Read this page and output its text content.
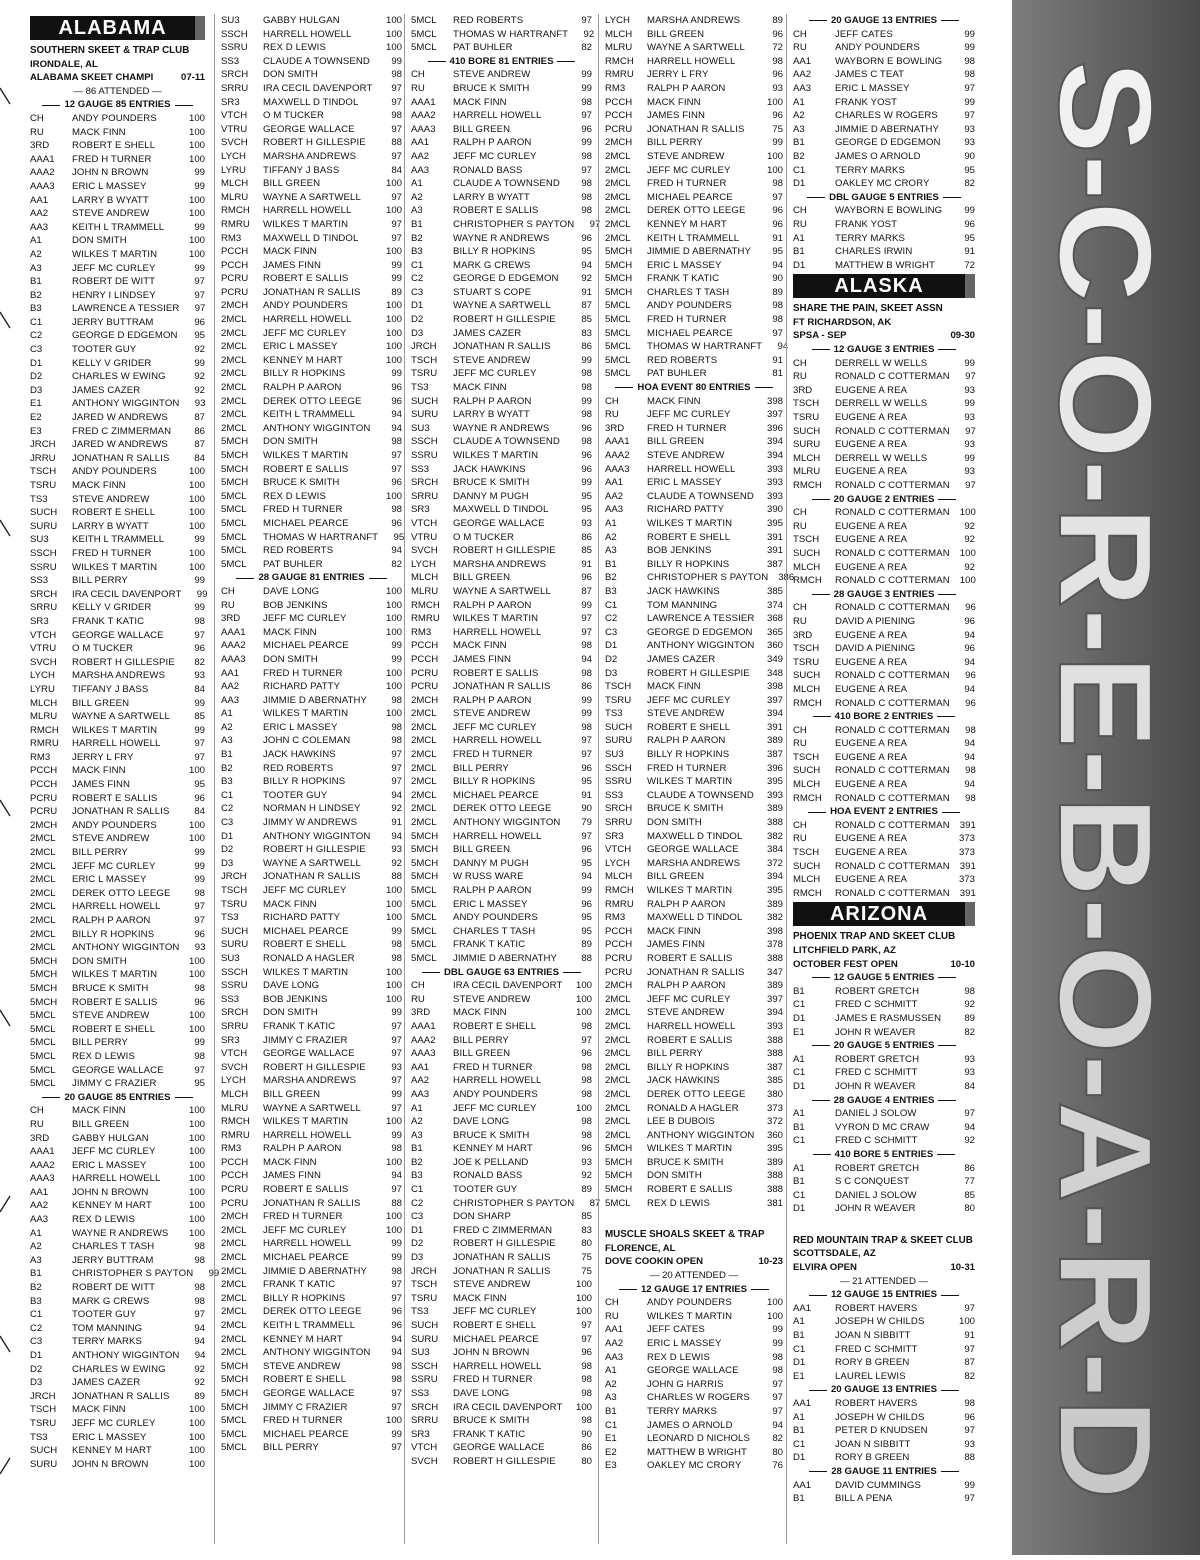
ALABAMA
SOUTHERN SKEET & TRAP CLUB
IRONDALE, AL
ALABAMA SKEET CHAMPI	07-11
— 86 ATTENDED —
12 GAUGE 85 ENTRIES
CH	ANDY POUNDERS	100
RU	MACK FINN	100
3RD	ROBERT E SHELL	100
AAA1	FRED H TURNER	100
AAA2	JOHN N BROWN	99
AAA3	ERIC L MASSEY	99
AA1	LARRY B WYATT	100
AA2	STEVE ANDREW	100
AA3	KEITH L TRAMMELL	99
A1	DON SMITH	100
A2	WILKES T MARTIN	100
A3	JEFF MC CURLEY	99
B1	ROBERT DE WITT	97
B2	HENRY I LINDSEY	97
B3	LAWRENCE A TESSIER	97
C1	JERRY BUTTRAM	96
C2	GEORGE D EDGEMON	95
C3	TOOTER GUY	92
D1	KELLY V GRIDER	99
D2	CHARLES W EWING	92
D3	JAMES CAZER	92
E1	ANTHONY WIGGINTON	93
E2	JARED W ANDREWS	87
E3	FRED C ZIMMERMAN	86
JRCH	JARED W ANDREWS	87
JRRU	JONATHAN R SALLIS	84
TSCH	ANDY POUNDERS	100
TSRU	MACK FINN	100
TS3	STEVE ANDREW	100
SUCH	ROBERT E SHELL	100
SURU	LARRY B WYATT	100
SU3	KEITH L TRAMMELL	99
SSCH	FRED H TURNER	100
SSRU	WILKES T MARTIN	100
SS3	BILL PERRY	99
SRCH	IRA CECIL DAVENPORT	99
SRRU	KELLY V GRIDER	99
SR3	FRANK T KATIC	98
VTCH	GEORGE WALLACE	97
VTRU	O M TUCKER	96
SVCH	ROBERT H GILLESPIE	82
LYCH	MARSHA ANDREWS	93
LYRU	TIFFANY J BASS	84
MLCH	BILL GREEN	99
MLRU	WAYNE A SARTWELL	85
RMCH	WILKES T MARTIN	99
RMRU	HARRELL HOWELL	97
RM3	JERRY L FRY	97
PCCH	MACK FINN	100
PCCH	JAMES FINN	95
PCRU	ROBERT E SALLIS	96
PCRU	JONATHAN R SALLIS	84
2MCH	ANDY POUNDERS	100
2MCL	STEVE ANDREW	100
2MCL	BILL PERRY	99
2MCL	JEFF MC CURLEY	99
2MCL	ERIC L MASSEY	99
2MCL	DEREK OTTO LEEGE	98
2MCL	HARRELL HOWELL	97
2MCL	RALPH P AARON	97
2MCL	BILLY R HOPKINS	96
2MCL	ANTHONY WIGGINTON	93
5MCH	DON SMITH	100
5MCH	WILKES T MARTIN	100
5MCH	BRUCE K SMITH	98
5MCH	ROBERT E SALLIS	96
5MCL	STEVE ANDREW	100
5MCL	ROBERT E SHELL	100
5MCL	BILL PERRY	99
5MCL	REX D LEWIS	98
5MCL	GEORGE WALLACE	97
5MCL	JIMMY C FRAZIER	95
20 GAUGE 85 ENTRIES
CH	MACK FINN	100
RU	BILL GREEN	100
3RD	GABBY HULGAN	100
AAA1	JEFF MC CURLEY	100
AAA2	ERIC L MASSEY	100
AAA3	HARRELL HOWELL	100
AA1	JOHN N BROWN	100
AA2	KENNEY M HART	100
AA3	REX D LEWIS	100
A1	WAYNE R ANDREWS	100
A2	CHARLES T TASH	98
A3	JERRY BUTTRAM	98
B1	CHRISTOPHER S PAYTON	99
B2	ROBERT DE WITT	98
B3	MARK G CREWS	98
C1	TOOTER GUY	97
C2	TOM MANNING	94
C3	TERRY MARKS	94
D1	ANTHONY WIGGINTON	94
D2	CHARLES W EWING	92
D3	JAMES CAZER	92
JRCH	JONATHAN R SALLIS	89
TSCH	MACK FINN	100
TSRU	JEFF MC CURLEY	100
TS3	ERIC L MASSEY	100
SUCH	KENNEY M HART	100
SURU	JOHN N BROWN	100
SU3	GABBY HULGAN	100
SSCH	HARRELL HOWELL	100
SSRU	REX D LEWIS	100
SS3	CLAUDE A TOWNSEND	99
SRCH	DON SMITH	98
SRRU	IRA CECIL DAVENPORT	97
SR3	MAXWELL D TINDOL	97
VTCH	O M TUCKER	98
VTRU	GEORGE WALLACE	97
SVCH	ROBERT H GILLESPIE	88
LYCH	MARSHA ANDREWS	97
LYRU	TIFFANY J BASS	84
MLCH	BILL GREEN	100
MLRU	WAYNE A SARTWELL	97
RMCH	HARRELL HOWELL	100
RMRU	WILKES T MARTIN	97
RM3	MAXWELL D TINDOL	97
PCCH	MACK FINN	100
PCCH	JAMES FINN	99
PCRU	ROBERT E SALLIS	99
PCRU	JONATHAN R SALLIS	89
2MCH	ANDY POUNDERS	100
2MCL	HARRELL HOWELL	100
2MCL	JEFF MC CURLEY	100
2MCL	ERIC L MASSEY	100
2MCL	KENNEY M HART	100
2MCL	BILLY R HOPKINS	99
2MCL	RALPH P AARON	96
2MCL	DEREK OTTO LEEGE	96
2MCL	KEITH L TRAMMELL	94
2MCL	ANTHONY WIGGINTON	94
5MCH	DON SMITH	98
5MCH	WILKES T MARTIN	97
5MCH	ROBERT E SALLIS	97
5MCH	BRUCE K SMITH	96
5MCL	REX D LEWIS	100
5MCL	FRED H TURNER	98
5MCL	MICHAEL PEARCE	96
5MCL	THOMAS W HARTRANFT	95
5MCL	RED ROBERTS	94
5MCL	PAT BUHLER	82
28 GAUGE 81 ENTRIES
CH	DAVE LONG	100
RU	BOB JENKINS	100
3RD	JEFF MC CURLEY	100
AAA1	MACK FINN	100
AAA2	MICHAEL PEARCE	99
AAA3	DON SMITH	99
AA1	FRED H TURNER	100
AA2	RICHARD PATTY	100
AA3	JIMMIE D ABERNATHY	98
A1	WILKES T MARTIN	100
A2	ERIC L MASSEY	98
A3	JOHN C COLEMAN	98
B1	JACK HAWKINS	97
B2	RED ROBERTS	97
B3	BILLY R HOPKINS	97
C1	TOOTER GUY	94
C2	NORMAN H LINDSEY	92
C3	JIMMY W ANDREWS	91
D1	ANTHONY WIGGINTON	94
D2	ROBERT H GILLESPIE	93
D3	WAYNE A SARTWELL	92
JRCH	JONATHAN R SALLIS	88
TSCH	JEFF MC CURLEY	100
TSRU	MACK FINN	100
TS3	RICHARD PATTY	100
SUCH	MICHAEL PEARCE	99
SURU	ROBERT E SHELL	98
SU3	RONALD A HAGLER	98
SSCH	WILKES T MARTIN	100
SSRU	DAVE LONG	100
SS3	BOB JENKINS	100
SRCH	DON SMITH	99
SRRU	FRANK T KATIC	97
SR3	JIMMY C FRAZIER	97
VTCH	GEORGE WALLACE	97
SVCH	ROBERT H GILLESPIE	93
LYCH	MARSHA ANDREWS	97
MLCH	BILL GREEN	99
MLRU	WAYNE A SARTWELL	97
RMCH	WILKES T MARTIN	100
RMRU	HARRELL HOWELL	99
RM3	RALPH P AARON	98
PCCH	MACK FINN	100
PCCH	JAMES FINN	94
PCRU	ROBERT E SALLIS	97
PCRU	JONATHAN R SALLIS	88
2MCH	FRED H TURNER	100
2MCL	JEFF MC CURLEY	100
2MCL	HARRELL HOWELL	99
2MCL	MICHAEL PEARCE	99
2MCL	JIMMIE D ABERNATHY	98
2MCL	FRANK T KATIC	97
2MCL	BILLY R HOPKINS	97
2MCL	DEREK OTTO LEEGE	96
2MCL	KEITH L TRAMMELL	96
2MCL	KENNEY M HART	94
2MCL	ANTHONY WIGGINTON	94
5MCH	STEVE ANDREW	98
5MCH	ROBERT E SHELL	98
5MCH	GEORGE WALLACE	97
5MCH	JIMMY C FRAZIER	97
5MCL	FRED H TURNER	100
5MCL	MICHAEL PEARCE	99
5MCL	BILL PERRY	97
5MCL	RED ROBERTS	97
5MCL	THOMAS W HARTRANFT	92
5MCL	PAT BUHLER	82
410 BORE 81 ENTRIES
CH	STEVE ANDREW	99
RU	BRUCE K SMITH	99
AAA1	MACK FINN	98
AAA2	HARRELL HOWELL	97
AAA3	BILL GREEN	96
AA1	RALPH P AARON	99
AA2	JEFF MC CURLEY	98
AA3	RONALD BASS	97
A1	CLAUDE A TOWNSEND	98
A2	LARRY B WYATT	98
A3	ROBERT E SALLIS	98
B1	CHRISTOPHER S PAYTON	97
B2	WAYNE R ANDREWS	96
B3	BILLY R HOPKINS	95
C1	MARK G CREWS	94
C2	GEORGE D EDGEMON	92
C3	STUART S COPE	91
D1	WAYNE A SARTWELL	87
D2	ROBERT H GILLESPIE	85
D3	JAMES CAZER	83
JRCH	JONATHAN R SALLIS	86
TSCH	STEVE ANDREW	99
TSRU	JEFF MC CURLEY	98
TS3	MACK FINN	98
SUCH	RALPH P AARON	99
SURU	LARRY B WYATT	98
SU3	WAYNE R ANDREWS	96
SSCH	CLAUDE A TOWNSEND	98
SSRU	WILKES T MARTIN	96
SS3	JACK HAWKINS	96
SRCH	BRUCE K SMITH	99
SRRU	DANNY M PUGH	95
SR3	MAXWELL D TINDOL	95
VTCH	GEORGE WALLACE	93
VTRU	O M TUCKER	86
SVCH	ROBERT H GILLESPIE	85
LYCH	MARSHA ANDREWS	91
MLCH	BILL GREEN	96
MLRU	WAYNE A SARTWELL	87
RMCH	RALPH P AARON	99
RMRU	WILKES T MARTIN	97
RM3	HARRELL HOWELL	97
PCCH	MACK FINN	98
PCCH	JAMES FINN	94
PCRU	ROBERT E SALLIS	98
PCRU	JONATHAN R SALLIS	86
2MCH	RALPH P AARON	99
2MCL	STEVE ANDREW	99
2MCL	JEFF MC CURLEY	98
2MCL	HARRELL HOWELL	97
2MCL	FRED H TURNER	97
2MCL	BILL PERRY	96
2MCL	BILLY R HOPKINS	95
2MCL	MICHAEL PEARCE	91
2MCL	DEREK OTTO LEEGE	90
2MCL	ANTHONY WIGGINTON	79
5MCH	HARRELL HOWELL	97
5MCH	BILL GREEN	96
5MCH	DANNY M PUGH	95
5MCH	W RUSS WARE	94
5MCL	RALPH P AARON	99
5MCL	ERIC L MASSEY	96
5MCL	ANDY POUNDERS	95
5MCL	CHARLES T TASH	95
5MCL	FRANK T KATIC	89
5MCL	JIMMIE D ABERNATHY	88
DBL GAUGE 63 ENTRIES
CH	IRA CECIL DAVENPORT	100
RU	STEVE ANDREW	100
3RD	MACK FINN	100
AAA1	ROBERT E SHELL	98
AAA2	BILL PERRY	97
AAA3	BILL GREEN	96
AA1	FRED H TURNER	98
AA2	HARRELL HOWELL	98
AA3	ANDY POUNDERS	98
A1	JEFF MC CURLEY	100
A2	DAVE LONG	98
A3	BRUCE K SMITH	98
B1	KENNEY M HART	96
B2	JOE K PELLAND	93
B3	RONALD BASS	92
C1	TOOTER GUY	89
C2	CHRISTOPHER S PAYTON	87
C3	DON SHARP	85
D1	FRED C ZIMMERMAN	83
D2	ROBERT H GILLESPIE	80
D3	JONATHAN R SALLIS	75
JRCH	JONATHAN R SALLIS	75
TSCH	STEVE ANDREW	100
TSRU	MACK FINN	100
TS3	JEFF MC CURLEY	100
SUCH	ROBERT E SHELL	97
SURU	MICHAEL PEARCE	97
SU3	JOHN N BROWN	96
SSCH	HARRELL HOWELL	98
SSRU	FRED H TURNER	98
SS3	DAVE LONG	98
SRCH	IRA CECIL DAVENPORT	100
SRRU	BRUCE K SMITH	98
SR3	FRANK T KATIC	90
VTCH	GEORGE WALLACE	86
SVCH	ROBERT H GILLESPIE	80
LYCH	MARSHA ANDREWS	89
MLCH	BILL GREEN	96
MLRU	WAYNE A SARTWELL	72
RMCH	HARRELL HOWELL	98
RMRU	JERRY L FRY	96
RM3	RALPH P AARON	93
PCCH	MACK FINN	100
PCCH	JAMES FINN	96
PCRU	JONATHAN R SALLIS	75
2MCH	BILL PERRY	99
2MCL	STEVE ANDREW	100
2MCL	JEFF MC CURLEY	100
2MCL	FRED H TURNER	98
2MCL	MICHAEL PEARCE	97
2MCL	DEREK OTTO LEEGE	96
2MCL	KENNEY M HART	96
2MCL	KEITH L TRAMMELL	91
5MCH	JIMMIE D ABERNATHY	95
5MCH	ERIC L MASSEY	94
5MCH	FRANK T KATIC	90
5MCH	CHARLES T TASH	89
5MCL	ANDY POUNDERS	98
5MCL	FRED H TURNER	98
5MCL	MICHAEL PEARCE	97
5MCL	THOMAS W HARTRANFT	94
5MCL	RED ROBERTS	91
5MCL	PAT BUHLER	81
HOA EVENT 80 ENTRIES
CH	MACK FINN	398
RU	JEFF MC CURLEY	397
3RD	FRED H TURNER	396
AAA1	BILL GREEN	394
AAA2	STEVE ANDREW	394
AAA3	HARRELL HOWELL	393
AA1	ERIC L MASSEY	393
AA2	CLAUDE A TOWNSEND	393
AA3	RICHARD PATTY	390
A1	WILKES T MARTIN	395
A2	ROBERT E SHELL	391
A3	BOB JENKINS	391
B1	BILLY R HOPKINS	387
B2	CHRISTOPHER S PAYTON	386
B3	JACK HAWKINS	385
C1	TOM MANNING	374
C2	LAWRENCE A TESSIER	368
C3	GEORGE D EDGEMON	365
D1	ANTHONY WIGGINTON	360
D2	JAMES CAZER	349
D3	ROBERT H GILLESPIE	348
TSCH	MACK FINN	398
TSRU	JEFF MC CURLEY	397
TS3	STEVE ANDREW	394
SUCH	ROBERT E SHELL	391
SURU	RALPH P AARON	389
SU3	BILLY R HOPKINS	387
SSCH	FRED H TURNER	396
SSRU	WILKES T MARTIN	395
SS3	CLAUDE A TOWNSEND	393
SRCH	BRUCE K SMITH	389
SRRU	DON SMITH	388
SR3	MAXWELL D TINDOL	382
VTCH	GEORGE WALLACE	384
LYCH	MARSHA ANDREWS	372
MLCH	BILL GREEN	394
RMCH	WILKES T MARTIN	395
RMRU	RALPH P AARON	389
RM3	MAXWELL D TINDOL	382
PCCH	MACK FINN	398
PCCH	JAMES FINN	378
PCRU	ROBERT E SALLIS	388
PCRU	JONATHAN R SALLIS	347
2MCH	RALPH P AARON	389
2MCL	JEFF MC CURLEY	397
2MCL	STEVE ANDREW	394
2MCL	HARRELL HOWELL	393
2MCL	ROBERT E SALLIS	388
2MCL	BILL PERRY	388
2MCL	BILLY R HOPKINS	387
2MCL	JACK HAWKINS	385
2MCL	DEREK OTTO LEEGE	380
2MCL	RONALD A HAGLER	373
2MCL	LEE B DUBOIS	372
2MCL	ANTHONY WIGGINTON	360
5MCH	WILKES T MARTIN	395
5MCH	BRUCE K SMITH	389
5MCH	DON SMITH	388
5MCH	ROBERT E SALLIS	388
5MCL	REX D LEWIS	381
MUSCLE SHOALS SKEET & TRAP
FLORENCE, AL
DOVE COOKIN OPEN	10-23
— 20 ATTENDED —
12 GAUGE 17 ENTRIES
CH	ANDY POUNDERS	100
RU	WILKES T MARTIN	100
AA1	JEFF CATES	99
AA2	ERIC L MASSEY	99
AA3	REX D LEWIS	98
A1	GEORGE WALLACE	98
A2	JOHN G HARRIS	97
A3	CHARLES W ROGERS	97
B1	TERRY MARKS	97
C1	JAMES O ARNOLD	94
E1	LEONARD D NICHOLS	82
E2	MATTHEW B WRIGHT	80
E3	OAKLEY MC CRORY	76
20 GAUGE 13 ENTRIES
CH	JEFF CATES	99
RU	ANDY POUNDERS	99
AA1	WAYBORN E BOWLING	98
AA2	JAMES C TEAT	98
AA3	ERIC L MASSEY	97
A1	FRANK YOST	99
A2	CHARLES W ROGERS	97
A3	JIMMIE D ABERNATHY	93
B1	GEORGE D EDGEMON	93
B2	JAMES O ARNOLD	90
C1	TERRY MARKS	95
D1	OAKLEY MC CRORY	82
DBL GAUGE 5 ENTRIES
CH	WAYBORN E BOWLING	99
RU	FRANK YOST	96
A1	TERRY MARKS	95
B1	CHARLES IRWIN	91
D1	MATTHEW B WRIGHT	72
ALASKA
SHARE THE PAIN, SKEET ASSN
FT RICHARDSON, AK
SPSA - SEP	09-30
12 GAUGE 3 ENTRIES
CH	DERRELL W WELLS	99
RU	RONALD C COTTERMAN	97
3RD	EUGENE A REA	93
TSCH	DERRELL W WELLS	99
TSRU	EUGENE A REA	93
SUCH	RONALD C COTTERMAN	97
SURU	EUGENE A REA	93
MLCH	DERRELL W WELLS	99
MLRU	EUGENE A REA	93
RMCH	RONALD C COTTERMAN	97
20 GAUGE 2 ENTRIES
CH	RONALD C COTTERMAN	100
RU	EUGENE A REA	92
TSCH	EUGENE A REA	92
SUCH	RONALD C COTTERMAN	100
MLCH	EUGENE A REA	92
RMCH	RONALD C COTTERMAN	100
28 GAUGE 3 ENTRIES
CH	RONALD C COTTERMAN	96
RU	DAVID A PIENING	96
3RD	EUGENE A REA	94
TSCH	DAVID A PIENING	96
TSRU	EUGENE A REA	94
SUCH	RONALD C COTTERMAN	96
MLCH	EUGENE A REA	94
RMCH	RONALD C COTTERMAN	96
410 BORE 2 ENTRIES
CH	RONALD C COTTERMAN	98
RU	EUGENE A REA	94
TSCH	EUGENE A REA	94
SUCH	RONALD C COTTERMAN	98
MLCH	EUGENE A REA	94
RMCH	RONALD C COTTERMAN	98
HOA EVENT 2 ENTRIES
CH	RONALD C COTTERMAN	391
RU	EUGENE A REA	373
TSCH	EUGENE A REA	373
SUCH	RONALD C COTTERMAN	391
MLCH	EUGENE A REA	373
RMCH	RONALD C COTTERMAN	391
ARIZONA
PHOENIX TRAP AND SKEET CLUB
LITCHFIELD PARK, AZ
OCTOBER FEST OPEN	10-10
12 GAUGE 5 ENTRIES
B1	ROBERT GRETCH	98
C1	FRED C SCHMITT	92
D1	JAMES E RASMUSSEN	89
E1	JOHN R WEAVER	82
20 GAUGE 5 ENTRIES
A1	ROBERT GRETCH	93
C1	FRED C SCHMITT	93
D1	JOHN R WEAVER	84
28 GAUGE 4 ENTRIES
A1	DANIEL J SOLOW	97
B1	VYRON D MC CRAW	94
C1	FRED C SCHMITT	92
410 BORE 5 ENTRIES
A1	ROBERT GRETCH	86
B1	S C CONQUEST	77
C1	DANIEL J SOLOW	85
D1	JOHN R WEAVER	80
RED MOUNTAIN TRAP & SKEET CLUB
SCOTTSDALE, AZ
ELVIRA OPEN	10-31
— 21 ATTENDED —
12 GAUGE 15 ENTRIES
AA1	ROBERT HAVERS	97
A1	JOSEPH W CHILDS	100
B1	JOAN N SIBBITT	91
C1	FRED C SCHMITT	97
D1	RORY B GREEN	87
E1	LAUREL LEWIS	82
20 GAUGE 13 ENTRIES
AA1	ROBERT HAVERS	98
A1	JOSEPH W CHILDS	96
B1	PETER D KNUDSEN	97
C1	JOAN N SIBBITT	93
D1	RORY B GREEN	88
28 GAUGE 11 ENTRIES
AA1	DAVID CUMMINGS	99
B1	BILL A PENA	97
S-C-O-R-E-B-O-A-R-D
